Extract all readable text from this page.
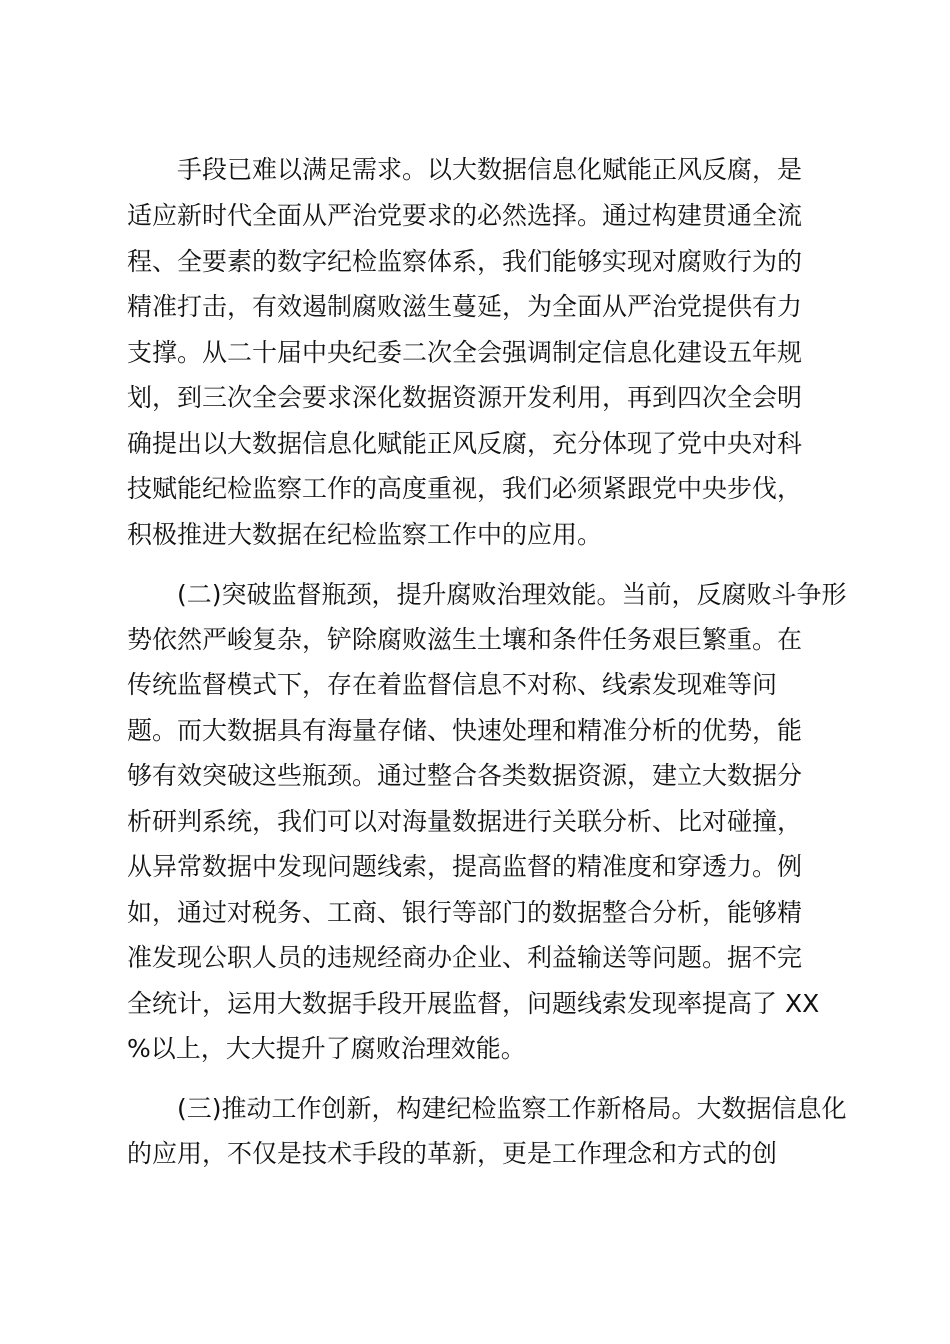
手段已难以满足需求。以大数据信息化赋能正风反腐，是
适应新时代全面从严治党要求的必然选择。通过构建贯通全流
程、全要素的数字纪检监察体系，我们能够实现对腐败行为的
精准打击，有效遏制腐败滋生蔓延，为全面从严治党提供有力
支撑。从二十届中央纪委二次全会强调制定信息化建设五年规
划，到三次全会要求深化数据资源开发利用，再到四次全会明
确提出以大数据信息化赋能正风反腐，充分体现了党中央对科
技赋能纪检监察工作的高度重视，我们必须紧跟党中央步伐，
积极推进大数据在纪检监察工作中的应用。
(二)突破监督瓶颈，提升腐败治理效能。当前，反腐败斗争形
势依然严峻复杂，铲除腐败滋生土壤和条件任务艰巨繁重。在
传统监督模式下，存在着监督信息不对称、线索发现难等问
题。而大数据具有海量存储、快速处理和精准分析的优势，能
够有效突破这些瓶颈。通过整合各类数据资源，建立大数据分
析研判系统，我们可以对海量数据进行关联分析、比对碰撞，
从异常数据中发现问题线索，提高监督的精准度和穿透力。例
如，通过对税务、工商、银行等部门的数据整合分析，能够精
准发现公职人员的违规经商办企业、利益输送等问题。据不完
全统计，运用大数据手段开展监督，问题线索发现率提高了 XX
%以上，大大提升了腐败治理效能。
(三)推动工作创新，构建纪检监察工作新格局。大数据信息化
的应用，不仅是技术手段的革新，更是工作理念和方式的创
